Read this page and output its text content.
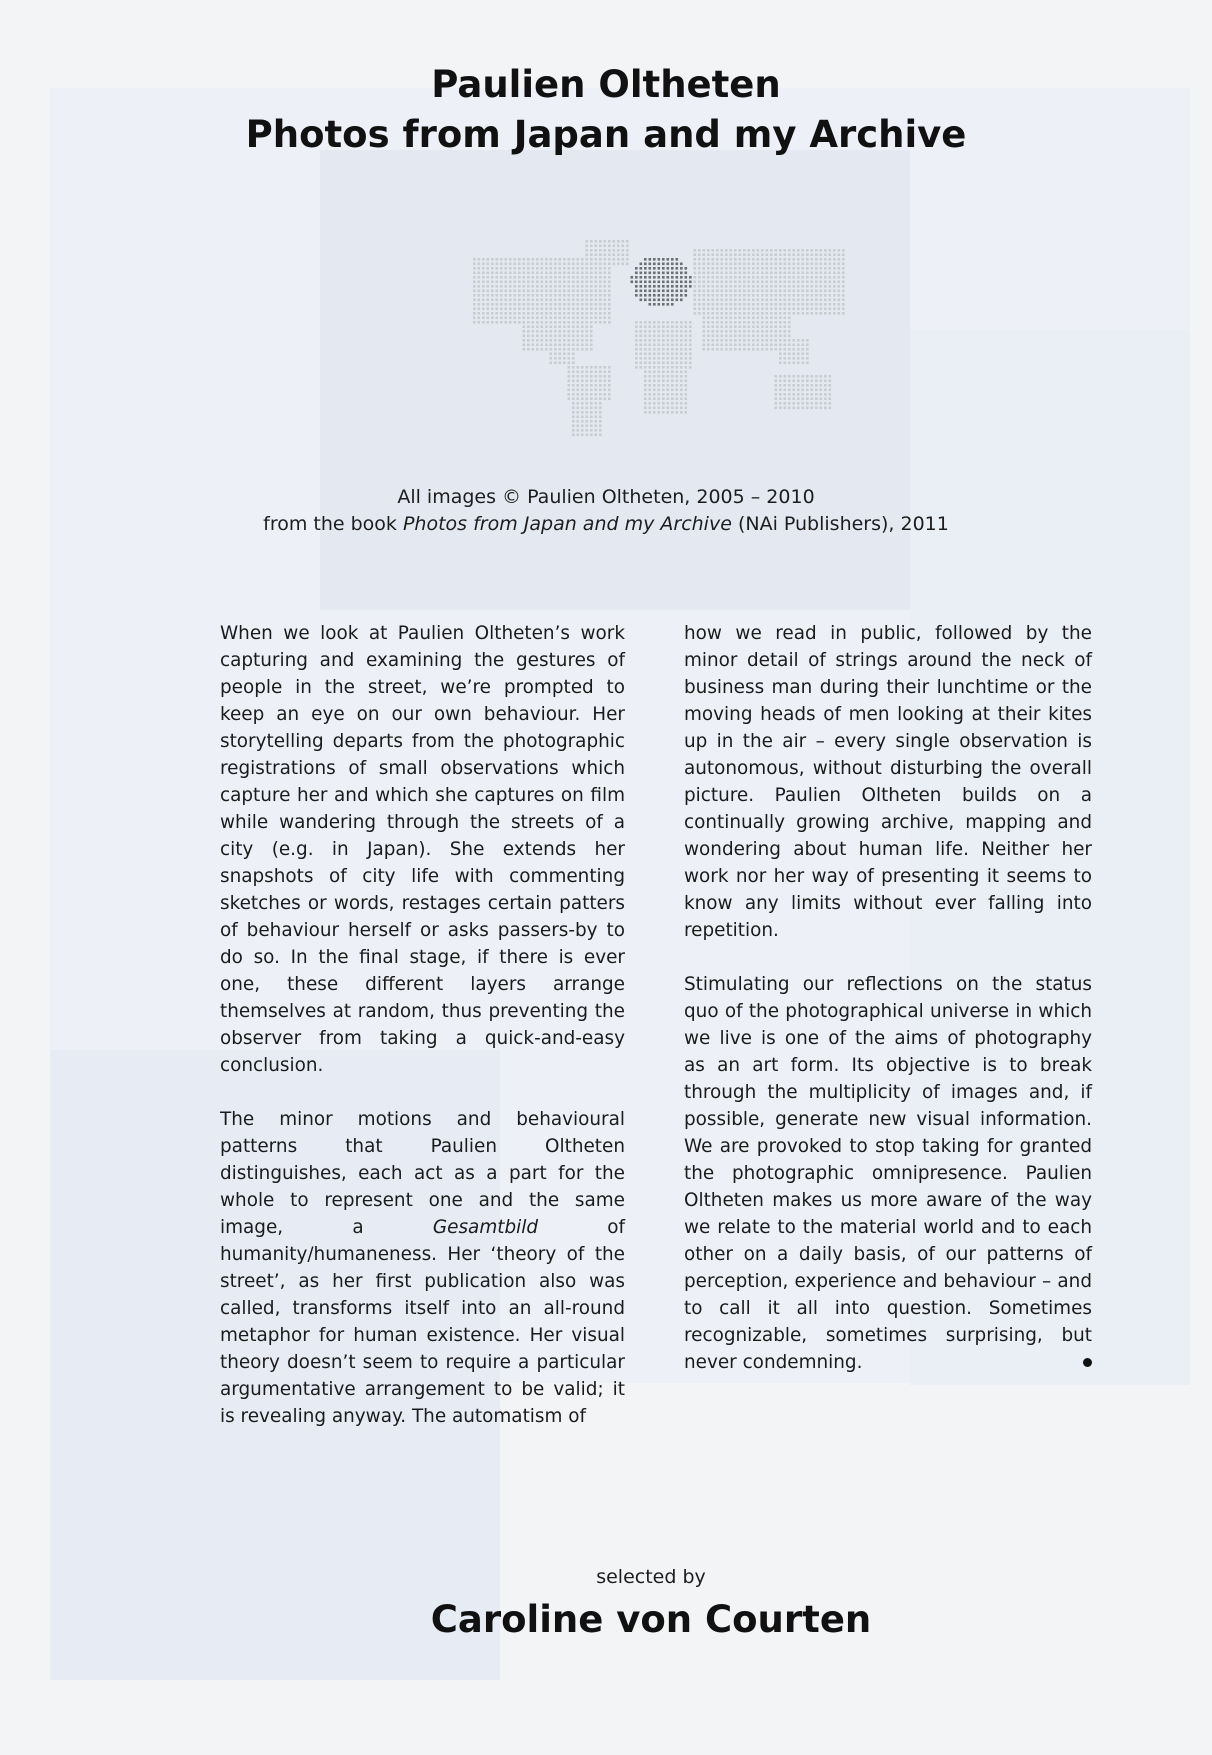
Paulien Oltheten
Photos from Japan and my Archive
All images © Paulien Oltheten, 2005 – 2010
from the book Photos from Japan and my Archive (NAi Publishers), 2011

When we look at Paulien Oltheten’s work capturing and examining the gestures of people in the street, we’re prompted to keep an eye on our own behaviour. Her storytelling departs from the photographic registrations of small observations which capture her and which she captures on film while wandering through the streets of a city (e.g. in Japan). She extends her snapshots of city life with commenting sketches or words, restages certain patters of behaviour herself or asks passers-by to do so. In the final stage, if there is ever one, these different layers arrange themselves at random, thus preventing the observer from taking a quick-and-easy conclusion.

The minor motions and behavioural patterns that Paulien Oltheten distinguishes, each act as a part for the whole to represent one and the same image, a Gesamtbild of humanity/humaneness. Her ‘theory of the street’, as her first publication also was called, transforms itself into an all-round metaphor for human existence. Her visual theory doesn’t seem to require a particular argumentative arrangement to be valid; it is revealing anyway. The automatism of

how we read in public, followed by the minor detail of strings around the neck of business man during their lunchtime or the moving heads of men looking at their kites up in the air – every single observation is autonomous, without disturbing the overall picture. Paulien Oltheten builds on a continually growing archive, mapping and wondering about human life. Neither her work nor her way of presenting it seems to know any limits without ever falling into repetition.

Stimulating our reflections on the status quo of the photographical universe in which we live is one of the aims of photography as an art form. Its objective is to break through the multiplicity of images and, if possible, generate new visual information. We are provoked to stop taking for granted the photographic omnipresence. Paulien Oltheten makes us more aware of the way we relate to the material world and to each other on a daily basis, of our patterns of perception, experience and behaviour – and to call it all into question. Sometimes recognizable, sometimes surprising, but never condemning.

selected by
Caroline von Courten
